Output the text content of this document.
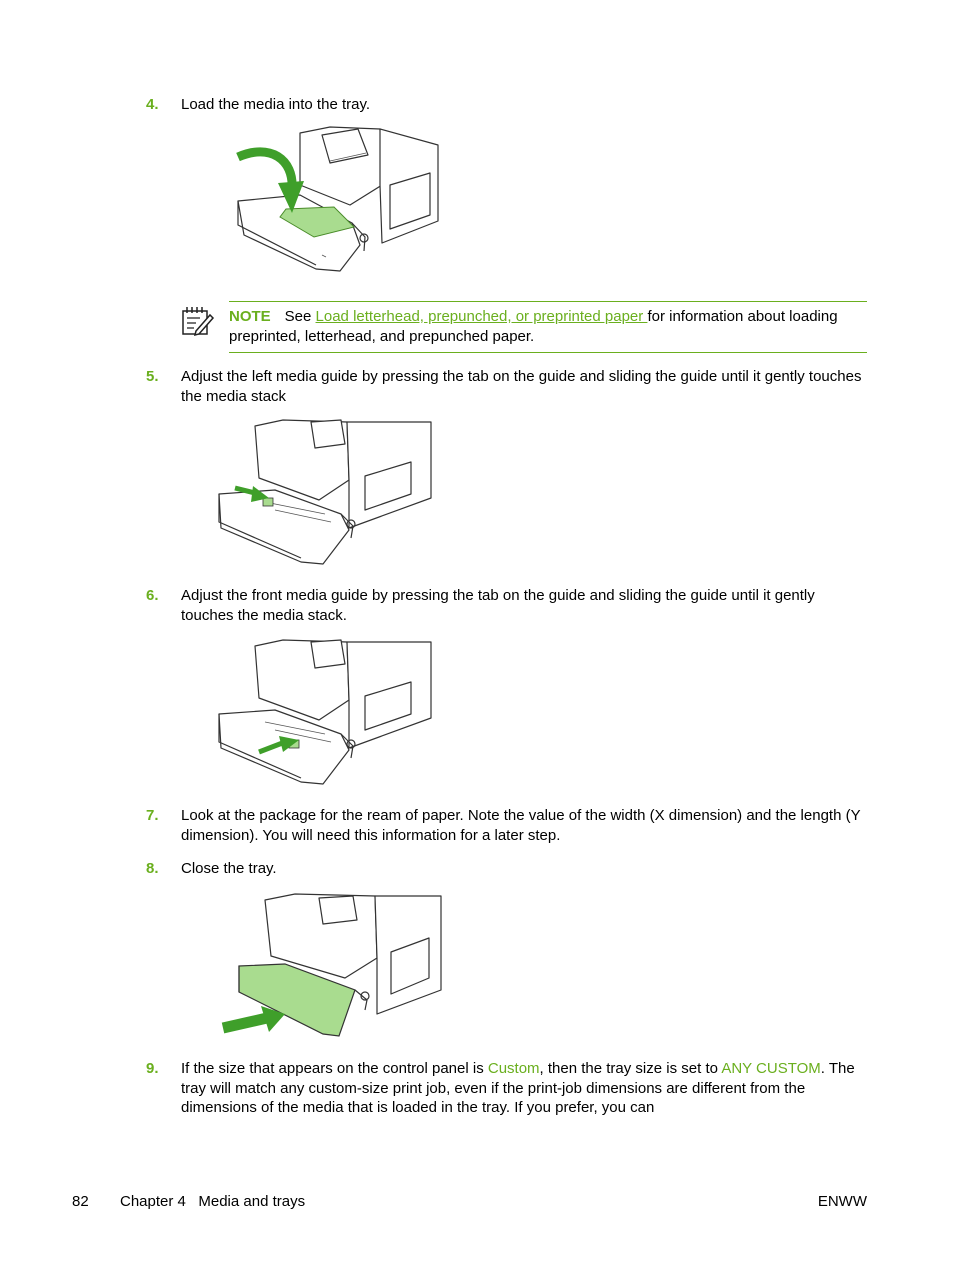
4. Load the media into the tray.
NOTE See Load letterhead, prepunched, or preprinted paper for information about loading preprinted, letterhead, and prepunched paper.
5. Adjust the left media guide by pressing the tab on the guide and sliding the guide until it gently touches the media stack
6. Adjust the front media guide by pressing the tab on the guide and sliding the guide until it gently touches the media stack.
7. Look at the package for the ream of paper. Note the value of the width (X dimension) and the length (Y dimension). You will need this information for a later step.
8. Close the tray.
9. If the size that appears on the control panel is Custom, then the tray size is set to ANY CUSTOM. The tray will match any custom-size print job, even if the print-job dimensions are different from the dimensions of the media that is loaded in the tray. If you prefer, you can
82 Chapter 4   Media and trays	ENWW
